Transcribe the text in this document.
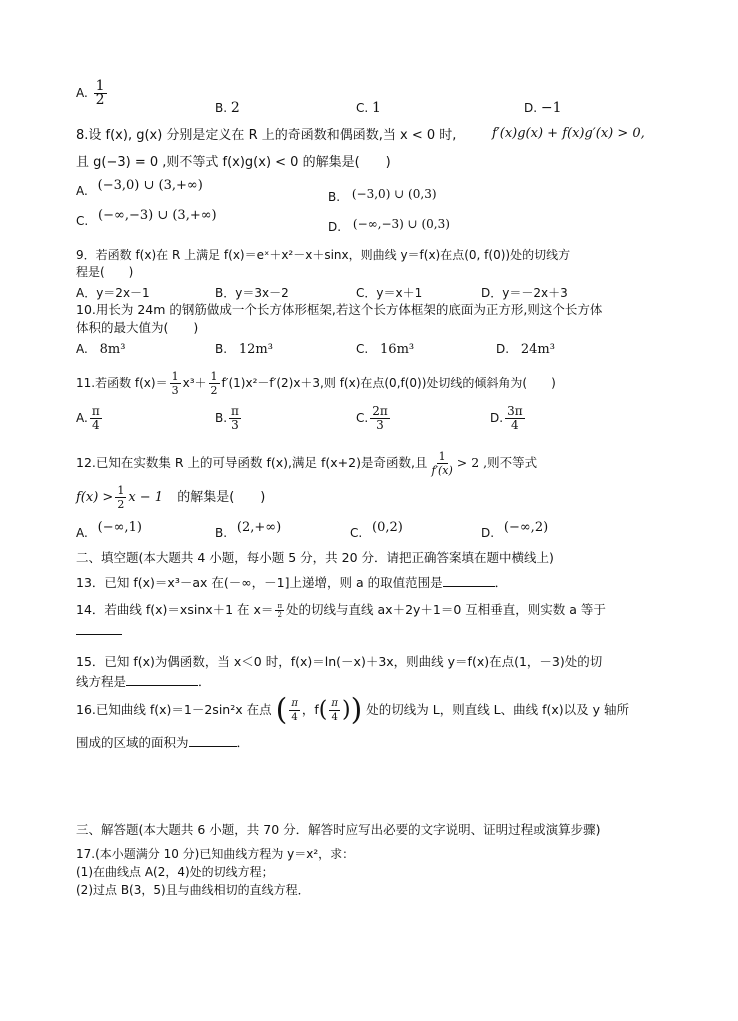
A. $\frac{1}{2}$
B. 2	C. 1	D. −1
8.设 f(x), g(x) 分别是定义在 R 上的奇函数和偶函数,当 x < 0 时,	f′(x)g(x) + f(x)g′(x) > 0,
且 g(−3) = 0 ,则不等式 f(x)g(x) < 0 的解集是(　　)
A. (−3,0) ∪ (3,+∞)
B. (−3,0) ∪ (0,3)
C. (−∞,−3) ∪ (3,+∞)
D. (−∞,−3) ∪ (0,3)
9．若函数 f(x)在 R 上满足 f(x)＝eˣ＋x²－x＋sinx，则曲线 y＝f(x)在点(0, f(0))处的切线方
程是(　　)
A．y＝2x－1	B．y＝3x－2	C．y＝x＋1	D．y＝－2x＋3
10.用长为 24m 的钢筋做成一个长方体形框架,若这个长方体框架的底面为正方形,则这个长方体
体积的最大值为(　　)
A. 8m³	B. 12m³	C. 16m³	D. 24m³
11.若函数 $f(x)= \frac{1}{3} x^3+ \frac{1}{2} f'(1)x^2-f'(2)x+3$,则 f(x)在点(0,f(0))处切线的倾斜角为(　　)
A. $\frac{\pi}{4}$	B. $\frac{\pi}{3}$	C. $\frac{2\pi}{3}$	D. $\frac{3\pi}{4}$
12.已知在实数集 R 上的可导函数 f(x),满足 f(x+2)是奇函数,且 $\frac{1}{f'(x)} > 2$ ,则不等式
$f(x) > \frac{1}{2}$ x − 1 的解集是(　　)
A. (−∞,1)	B. (2,+∞)	C. (0,2)	D. (−∞,2)
二、填空题(本大题共 4 小题，每小题 5 分，共 20 分．请把正确答案填在题中横线上)
13．已知 f(x)＝x³－ax 在(－∞，－1]上递增，则 a 的取值范围是	．
14．若曲线 f(x)＝xsinx＋1 在 $x= \frac{\pi}{2}$ 处的切线与直线 ax＋2y＋1＝0 互相垂直，则实数 a 等于
15．已知 f(x)为偶函数，当 x＜0 时，f(x)＝ln(－x)＋3x，则曲线 y＝f(x)在点(1，－3)处的切
线方程是	．
16.已知曲线 f(x)＝1－2sin²x 在点 ( $\frac{\pi}{4}$ ，$f( \frac{\pi}{4}$ )) 处的切线为 L，则直线 L、曲线 f(x)以及 y 轴所
围成的区域的面积为	．
三、解答题(本大题共 6 小题，共 70 分．解答时应写出必要的文字说明、证明过程或演算步骤)
17.(本小题满分 10 分)已知曲线方程为 y＝x²，求：
(1)在曲线点 A(2，4)处的切线方程；
(2)过点 B(3，5)且与曲线相切的直线方程．
